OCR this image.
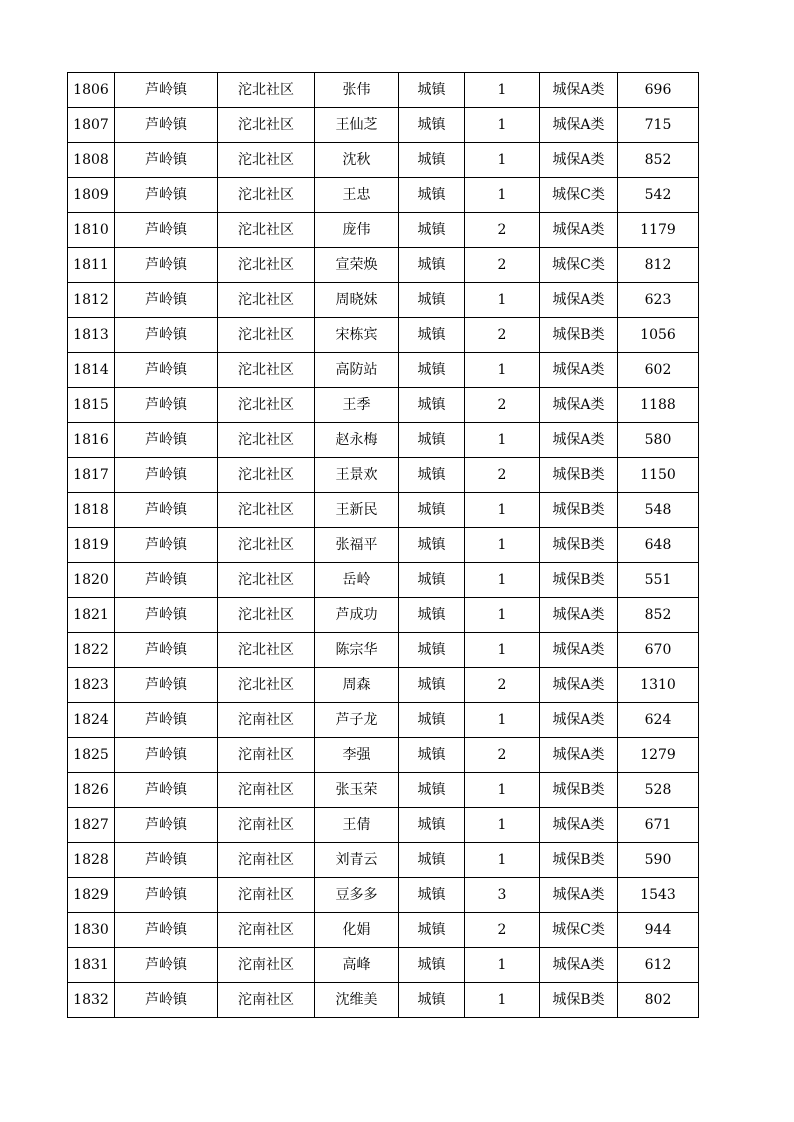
1806	芦岭镇	沱北社区	张伟	城镇	1	城保A类	696
1807	芦岭镇	沱北社区	王仙芝	城镇	1	城保A类	715
1808	芦岭镇	沱北社区	沈秋	城镇	1	城保A类	852
1809	芦岭镇	沱北社区	王忠	城镇	1	城保C类	542
1810	芦岭镇	沱北社区	庞伟	城镇	2	城保A类	1179
1811	芦岭镇	沱北社区	宣荣焕	城镇	2	城保C类	812
1812	芦岭镇	沱北社区	周晓妹	城镇	1	城保A类	623
1813	芦岭镇	沱北社区	宋栋宾	城镇	2	城保B类	1056
1814	芦岭镇	沱北社区	高防站	城镇	1	城保A类	602
1815	芦岭镇	沱北社区	王季	城镇	2	城保A类	1188
1816	芦岭镇	沱北社区	赵永梅	城镇	1	城保A类	580
1817	芦岭镇	沱北社区	王景欢	城镇	2	城保B类	1150
1818	芦岭镇	沱北社区	王新民	城镇	1	城保B类	548
1819	芦岭镇	沱北社区	张福平	城镇	1	城保B类	648
1820	芦岭镇	沱北社区	岳岭	城镇	1	城保B类	551
1821	芦岭镇	沱北社区	芦成功	城镇	1	城保A类	852
1822	芦岭镇	沱北社区	陈宗华	城镇	1	城保A类	670
1823	芦岭镇	沱北社区	周森	城镇	2	城保A类	1310
1824	芦岭镇	沱南社区	芦子龙	城镇	1	城保A类	624
1825	芦岭镇	沱南社区	李强	城镇	2	城保A类	1279
1826	芦岭镇	沱南社区	张玉荣	城镇	1	城保B类	528
1827	芦岭镇	沱南社区	王倩	城镇	1	城保A类	671
1828	芦岭镇	沱南社区	刘青云	城镇	1	城保B类	590
1829	芦岭镇	沱南社区	豆多多	城镇	3	城保A类	1543
1830	芦岭镇	沱南社区	化娟	城镇	2	城保C类	944
1831	芦岭镇	沱南社区	高峰	城镇	1	城保A类	612
1832	芦岭镇	沱南社区	沈维美	城镇	1	城保B类	802
